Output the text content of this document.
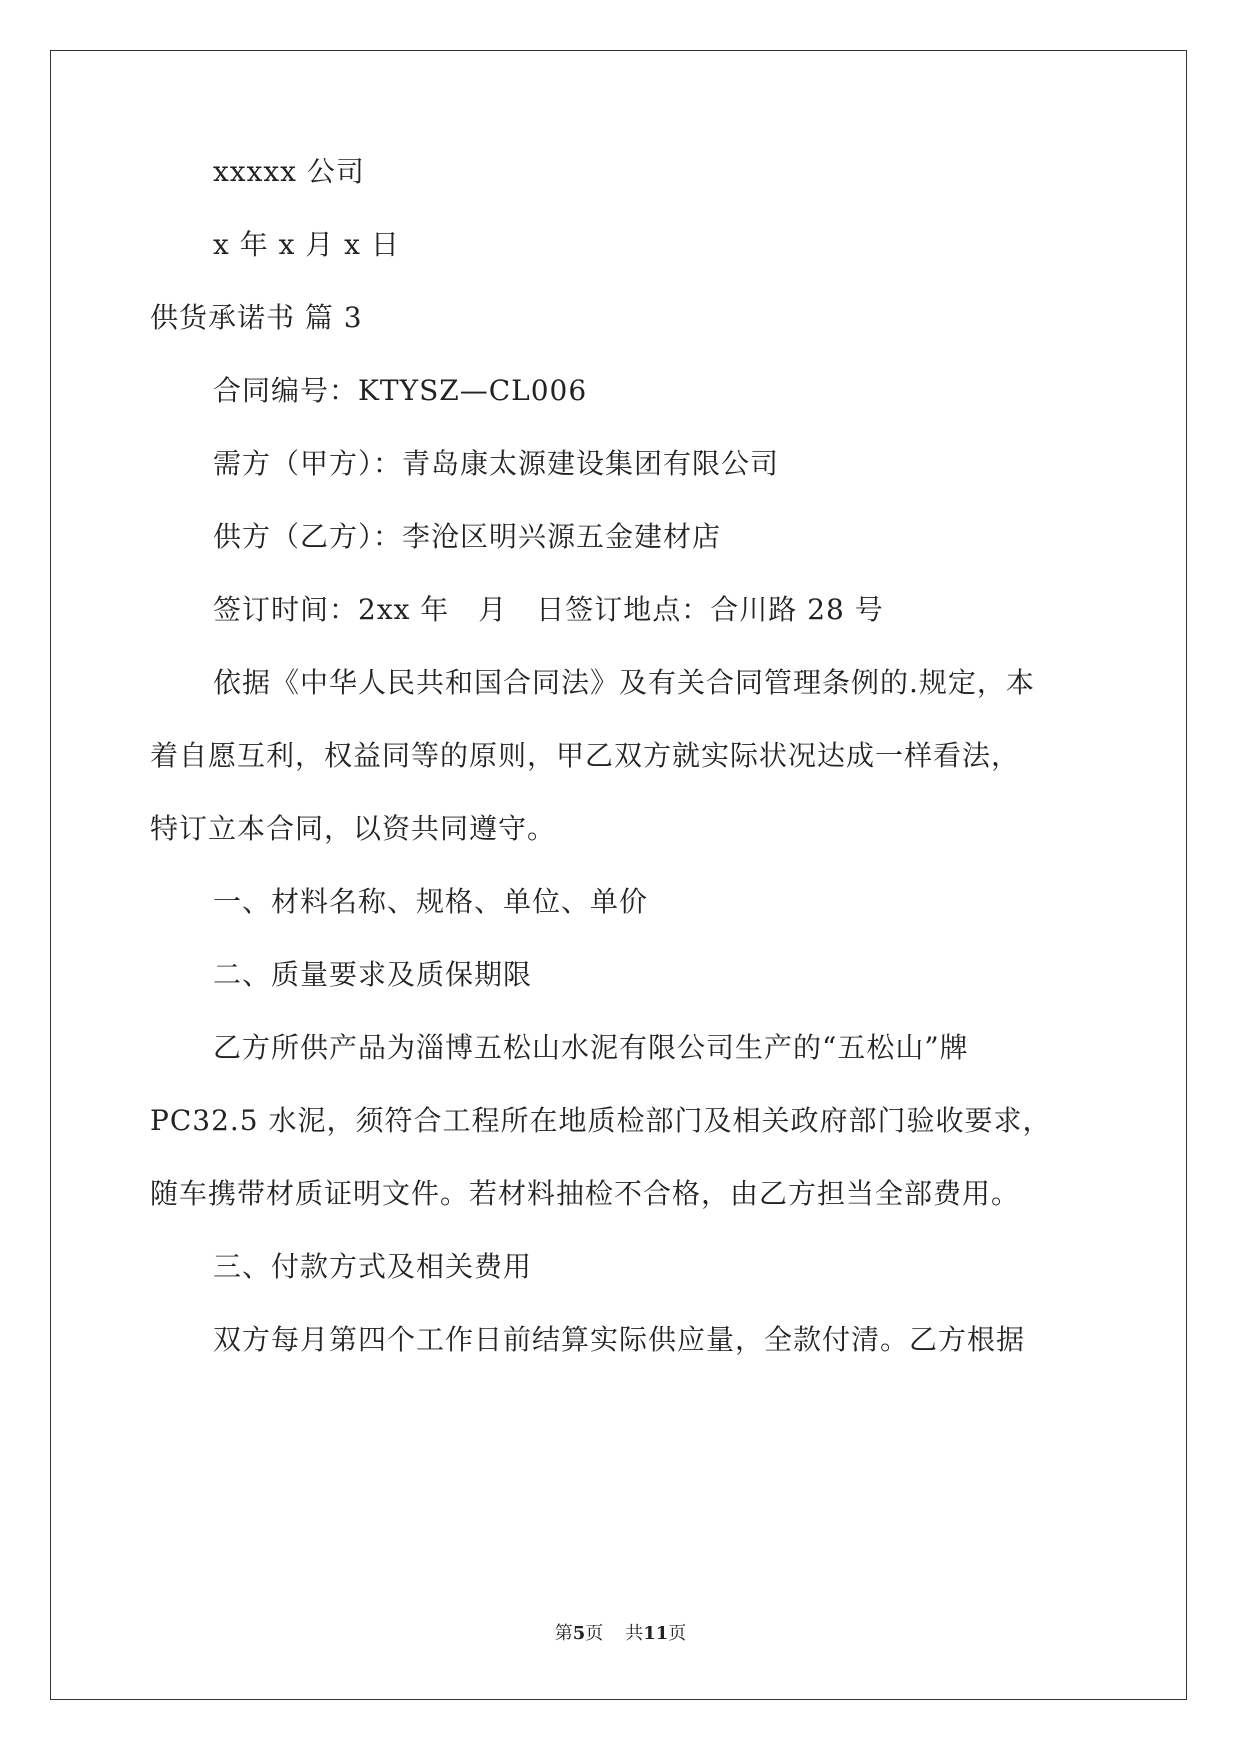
xxxxx 公司
x 年 x 月 x 日
供货承诺书 篇 3
合同编号：KTYSZ—CL006
需方（甲方）：青岛康太源建设集团有限公司
供方（乙方）：李沧区明兴源五金建材店
签订时间：2xx 年　月　日签订地点：合川路 28 号
依据《中华人民共和国合同法》及有关合同管理条例的.规定，本
着自愿互利，权益同等的原则，甲乙双方就实际状况达成一样看法，
特订立本合同，以资共同遵守。
一、材料名称、规格、单位、单价
二、质量要求及质保期限
乙方所供产品为淄博五松山水泥有限公司生产的“五松山”牌
PC32.5 水泥，须符合工程所在地质检部门及相关政府部门验收要求，
随车携带材质证明文件。若材料抽检不合格，由乙方担当全部费用。
三、付款方式及相关费用
双方每月第四个工作日前结算实际供应量，全款付清。乙方根据
第5页 共11页
